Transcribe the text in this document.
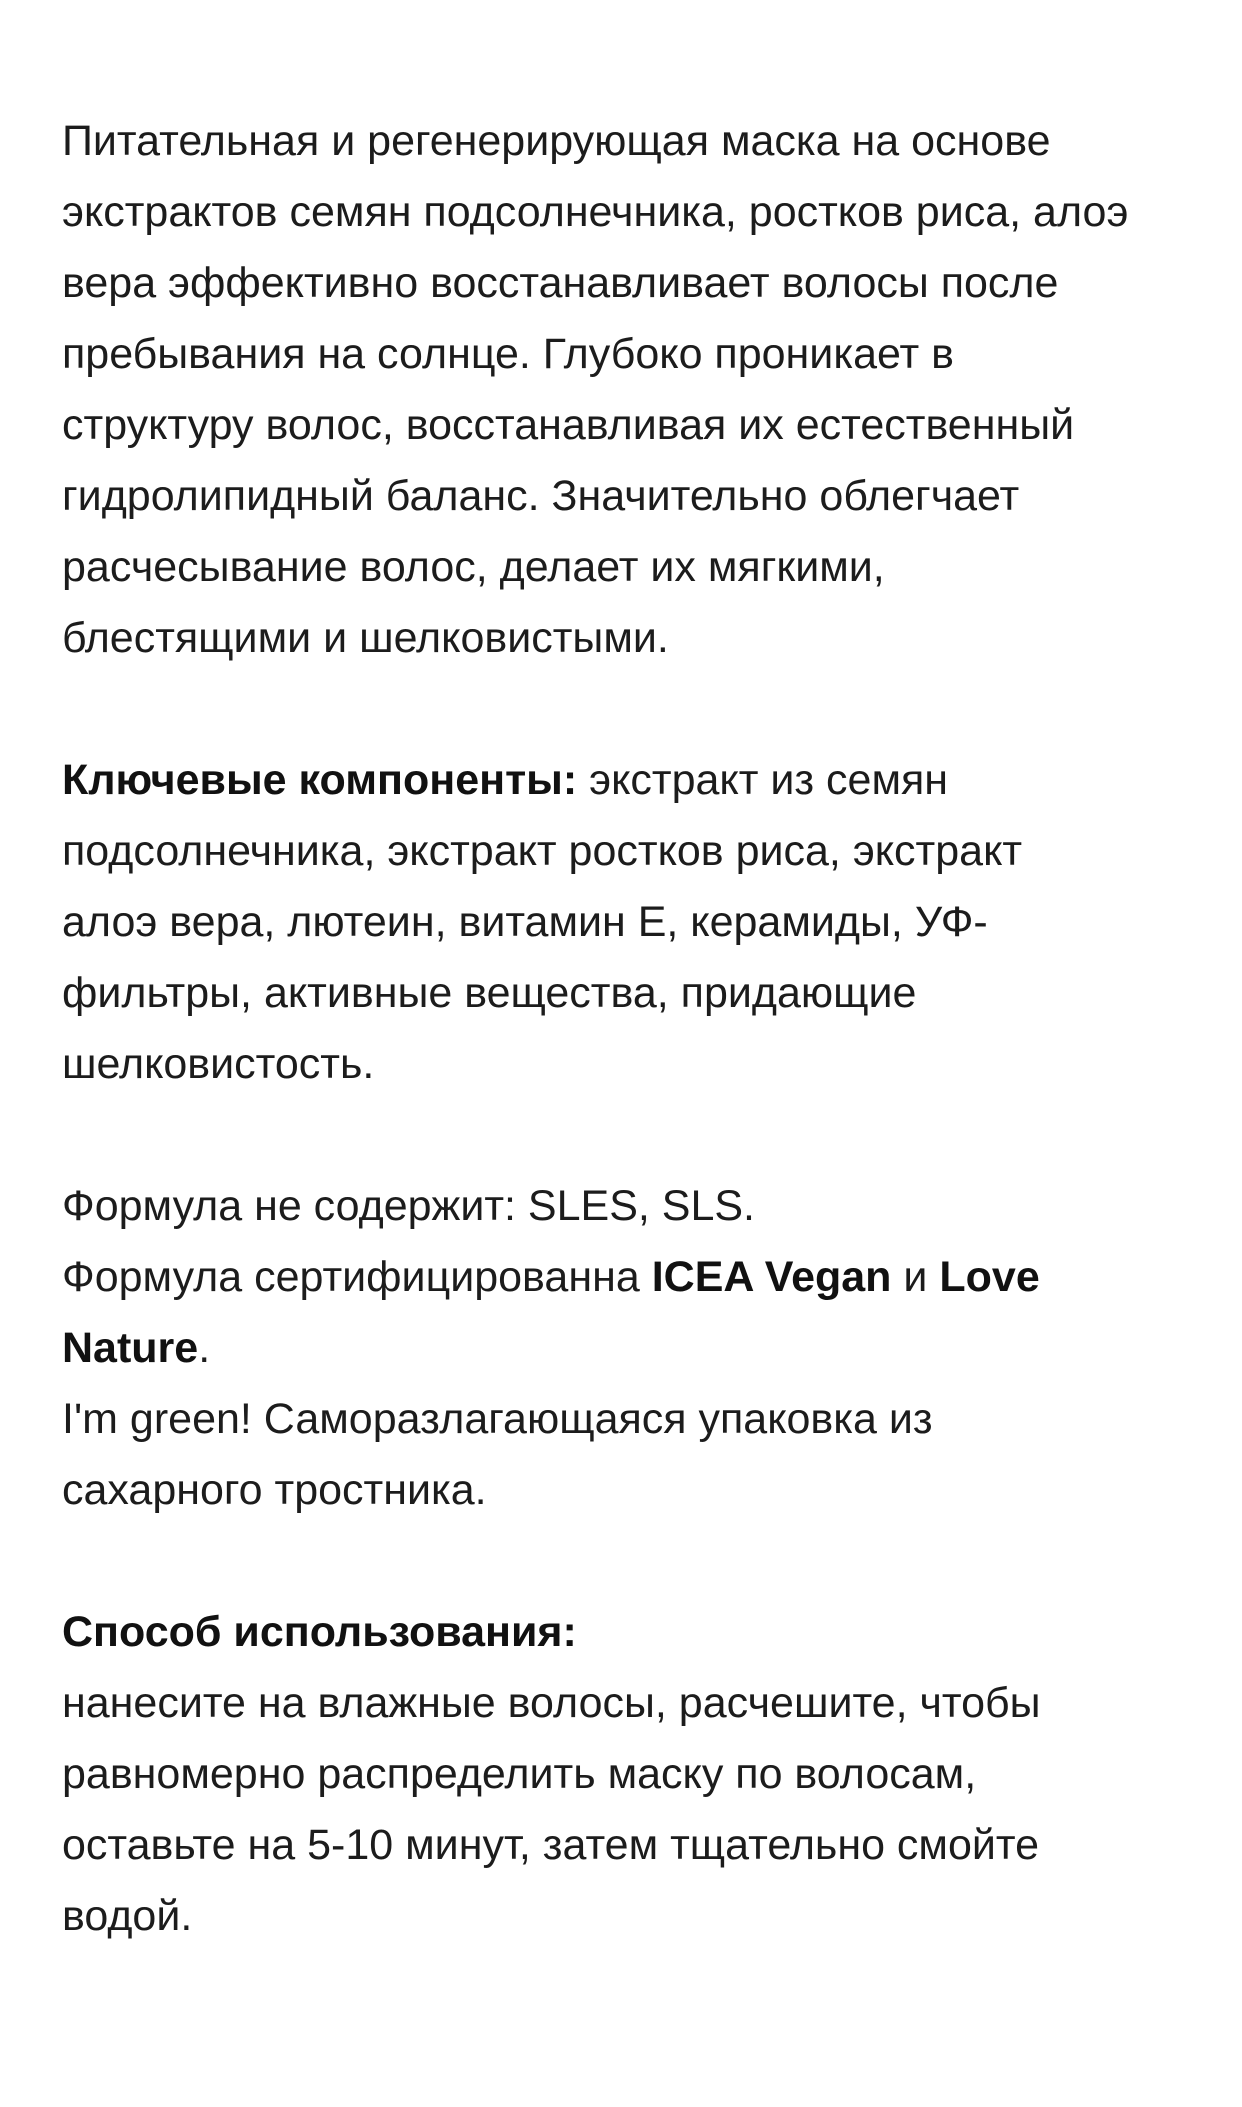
Питательная и регенерирующая маска на основе
экстрактов семян подсолнечника, ростков риса, алоэ
вера эффективно восстанавливает волосы после
пребывания на солнце. Глубоко проникает в
структуру волос, восстанавливая их естественный
гидролипидный баланс. Значительно облегчает
расчесывание волос, делает их мягкими,
блестящими и шелковистыми.
Ключевые компоненты: экстракт из семян
подсолнечника, экстракт ростков риса, экстракт
алоэ вера, лютеин, витамин Е, керамиды, УФ-
фильтры, активные вещества, придающие
шелковистость.
Формула не содержит: SLES, SLS.
Формула сертифицированна ICEA Vegan и Love
Nature.
I'm green! Саморазлагающаяся упаковка из
сахарного тростника.
Способ использования:
нанесите на влажные волосы, расчешите, чтобы
равномерно распределить маску по волосам,
оставьте на 5-10 минут, затем тщательно смойте
водой.
